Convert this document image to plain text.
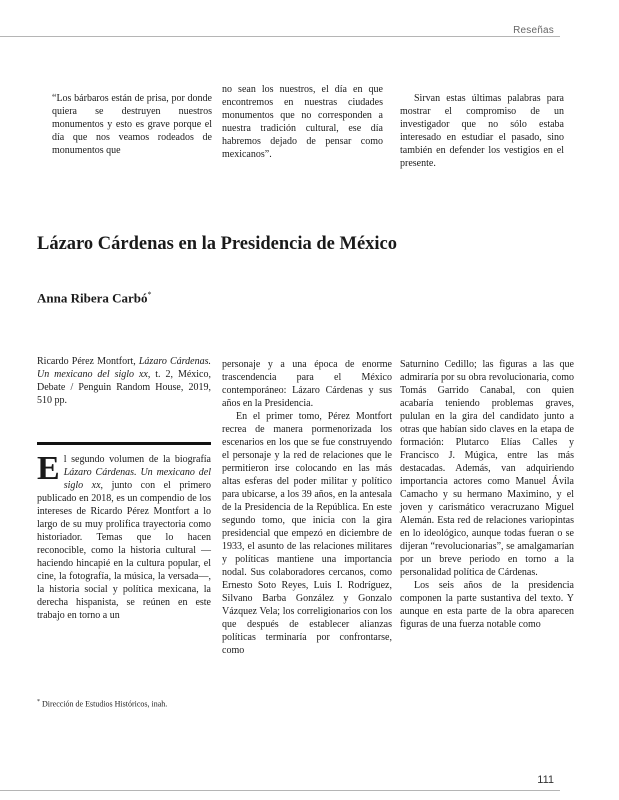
Reseñas

“Los bárbaros están de prisa, por donde quiera se destruyen nuestros monumentos y esto es grave porque el día que nos veamos rodeados de monumentos que

no sean los nuestros, el día en que encontremos en nuestras ciudades monumentos que no corresponden a nuestra tradición cultural, ese día habremos dejado de pensar como mexicanos”.

Sirvan estas últimas palabras para mostrar el compromiso de un investigador que no sólo estaba interesado en estudiar el pasado, sino también en defender los vestigios en el presente.

Lázaro Cárdenas en la Presidencia de México
Anna Ribera Carbó*
Ricardo Pérez Montfort, Lázaro Cárdenas. Un mexicano del siglo xx, t. 2, México, Debate / Penguin Random House, 2019, 510 pp.

El segundo volumen de la biografía Lázaro Cárdenas. Un mexicano del siglo xx, junto con el primero publicado en 2018, es un compendio de los intereses de Ricardo Pérez Montfort a lo largo de su muy prolífica trayectoria como historiador. Temas que lo hacen reconocible, como la historia cultural —haciendo hincapié en la cultura popular, el cine, la fotografía, la música, la versada—, la historia social y política mexicana, la derecha hispanista, se reúnen en este trabajo en torno a un

* Dirección de Estudios Históricos, inah.

personaje y a una época de enorme trascendencia para el México contemporáneo: Lázaro Cárdenas y sus años en la Presidencia.

En el primer tomo, Pérez Montfort recrea de manera pormenorizada los escenarios en los que se fue construyendo el personaje y la red de relaciones que le permitieron irse colocando en las más altas esferas del poder militar y político para ubicarse, a los 39 años, en la antesala de la Presidencia de la República. En este segundo tomo, que inicia con la gira presidencial que empezó en diciembre de 1933, el asunto de las relaciones militares y políticas mantiene una importancia nodal. Sus colaboradores cercanos, como Ernesto Soto Reyes, Luis I. Rodríguez, Silvano Barba González y Gonzalo Vázquez Vela; los correligionarios con los que después de establecer alianzas políticas terminaría por confrontarse, como

Saturnino Cedillo; las figuras a las que admiraría por su obra revolucionaria, como Tomás Garrido Canabal, con quien acabaría teniendo problemas graves, pululan en la gira del candidato junto a otras que habían sido claves en la etapa de formación: Plutarco Elías Calles y Francisco J. Múgica, entre las más destacadas. Además, van adquiriendo importancia actores como Manuel Ávila Camacho y su hermano Maximino, y el joven y carismático veracruzano Miguel Alemán. Esta red de relaciones variopintas en lo ideológico, aunque todas fueran o se dijeran “revolucionarias”, se amalgamarían por un breve periodo en torno a la personalidad política de Cárdenas.

Los seis años de la presidencia componen la parte sustantiva del texto. Y aunque en esta parte de la obra aparecen figuras de una fuerza notable como

111
